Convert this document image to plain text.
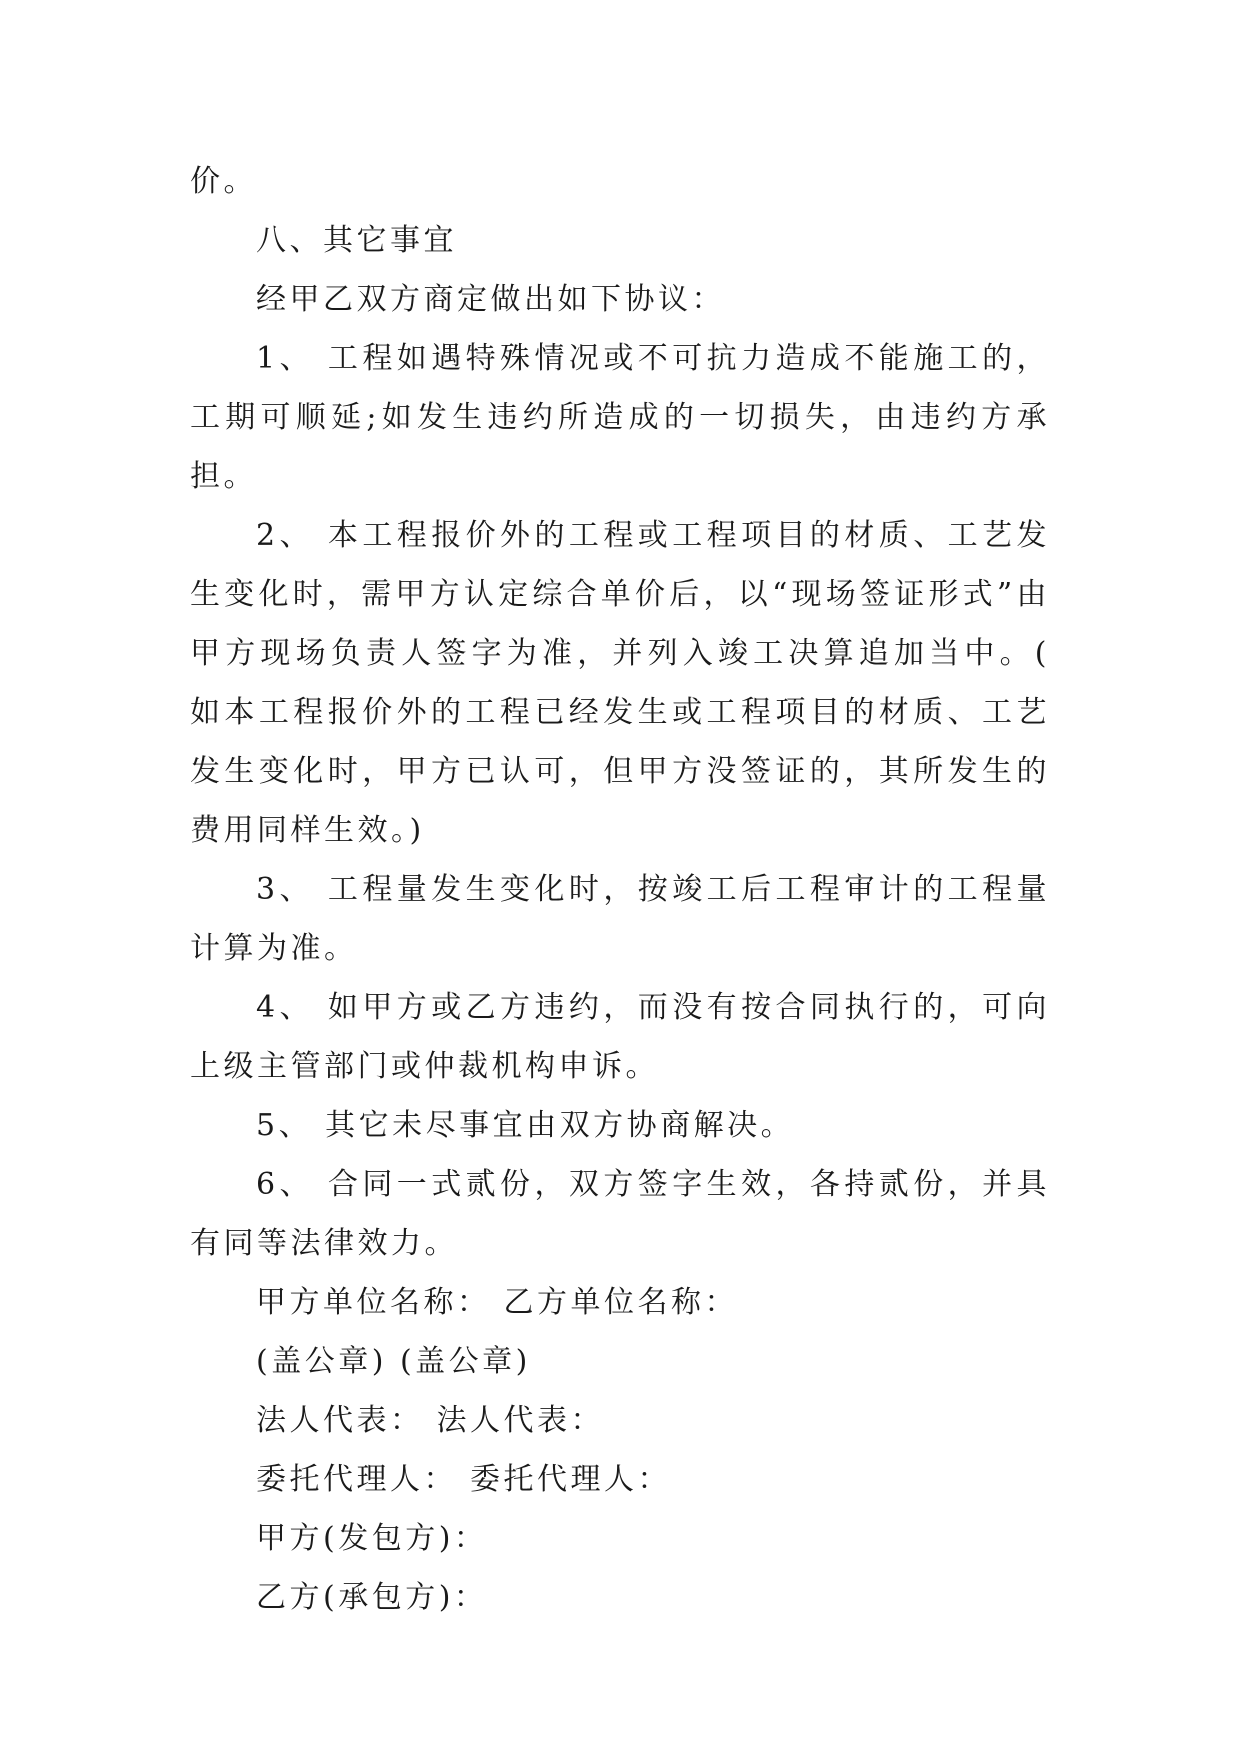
价。

八、其它事宜

经甲乙双方商定做出如下协议：

1、 工程如遇特殊情况或不可抗力造成不能施工的，工期可顺延;如发生违约所造成的一切损失，由违约方承担。

2、 本工程报价外的工程或工程项目的材质、工艺发生变化时，需甲方认定综合单价后，以“现场签证形式”由甲方现场负责人签字为准，并列入竣工决算追加当中。( 如本工程报价外的工程已经发生或工程项目的材质、工艺发生变化时，甲方已认可，但甲方没签证的，其所发生的费用同样生效。)

3、 工程量发生变化时，按竣工后工程审计的工程量计算为准。

4、 如甲方或乙方违约，而没有按合同执行的，可向上级主管部门或仲裁机构申诉。

5、 其它未尽事宜由双方协商解决。

6、 合同一式贰份，双方签字生效，各持贰份，并具有同等法律效力。

甲方单位名称： 乙方单位名称：

(盖公章) (盖公章)

法人代表： 法人代表：

委托代理人： 委托代理人：

甲方(发包方)：

乙方(承包方)：
